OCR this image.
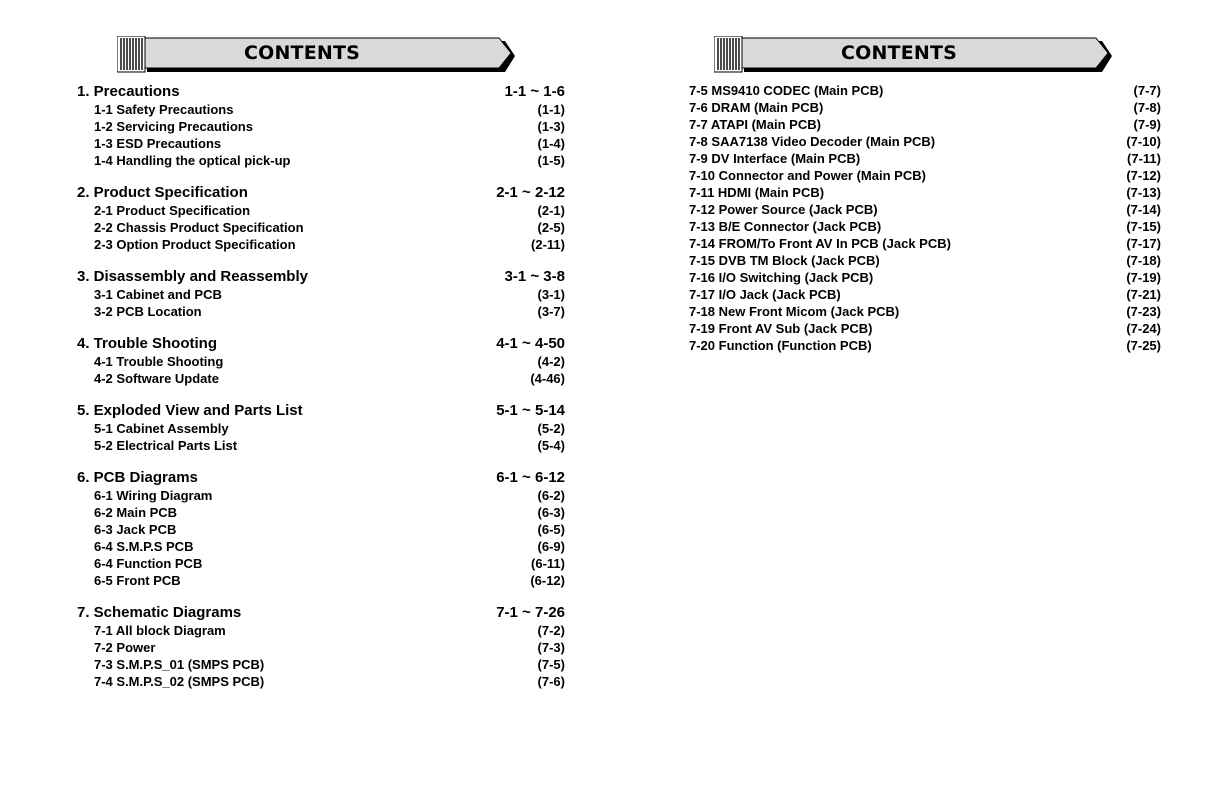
CONTENTS	CONTENTS
1. Precautions	1-1 ~ 1-6
1-1 Safety Precautions	(1-1)
1-2 Servicing Precautions	(1-3)
1-3 ESD Precautions	(1-4)
1-4 Handling the optical pick-up	(1-5)
2. Product Specification	2-1 ~ 2-12
2-1 Product Specification	(2-1)
2-2 Chassis Product Specification	(2-5)
2-3 Option Product Specification	(2-11)
3. Disassembly and Reassembly	3-1 ~ 3-8
3-1 Cabinet and PCB	(3-1)
3-2 PCB Location	(3-7)
4. Trouble Shooting	4-1 ~ 4-50
4-1 Trouble Shooting	(4-2)
4-2 Software Update	(4-46)
5. Exploded View and Parts List	5-1 ~ 5-14
5-1 Cabinet Assembly	(5-2)
5-2 Electrical Parts List	(5-4)
6. PCB Diagrams	6-1 ~ 6-12
6-1 Wiring Diagram	(6-2)
6-2 Main PCB	(6-3)
6-3 Jack PCB	(6-5)
6-4 S.M.P.S PCB	(6-9)
6-4 Function PCB	(6-11)
6-5 Front PCB	(6-12)
7. Schematic Diagrams	7-1 ~ 7-26
7-1 All block Diagram	(7-2)
7-2 Power	(7-3)
7-3 S.M.P.S_01 (SMPS PCB)	(7-5)
7-4 S.M.P.S_02 (SMPS PCB)	(7-6)
7-5 MS9410 CODEC (Main PCB)	(7-7)
7-6 DRAM (Main PCB)	(7-8)
7-7 ATAPI (Main PCB)	(7-9)
7-8 SAA7138 Video Decoder (Main PCB)	(7-10)
7-9 DV Interface (Main PCB)	(7-11)
7-10 Connector and Power (Main PCB)	(7-12)
7-11 HDMI (Main PCB)	(7-13)
7-12 Power Source (Jack PCB)	(7-14)
7-13 B/E Connector (Jack PCB)	(7-15)
7-14 FROM/To Front AV In PCB (Jack PCB)	(7-17)
7-15 DVB TM Block (Jack PCB)	(7-18)
7-16 I/O Switching (Jack PCB)	(7-19)
7-17 I/O Jack (Jack PCB)	(7-21)
7-18 New Front Micom (Jack PCB)	(7-23)
7-19 Front AV Sub (Jack PCB)	(7-24)
7-20 Function (Function PCB)	(7-25)
